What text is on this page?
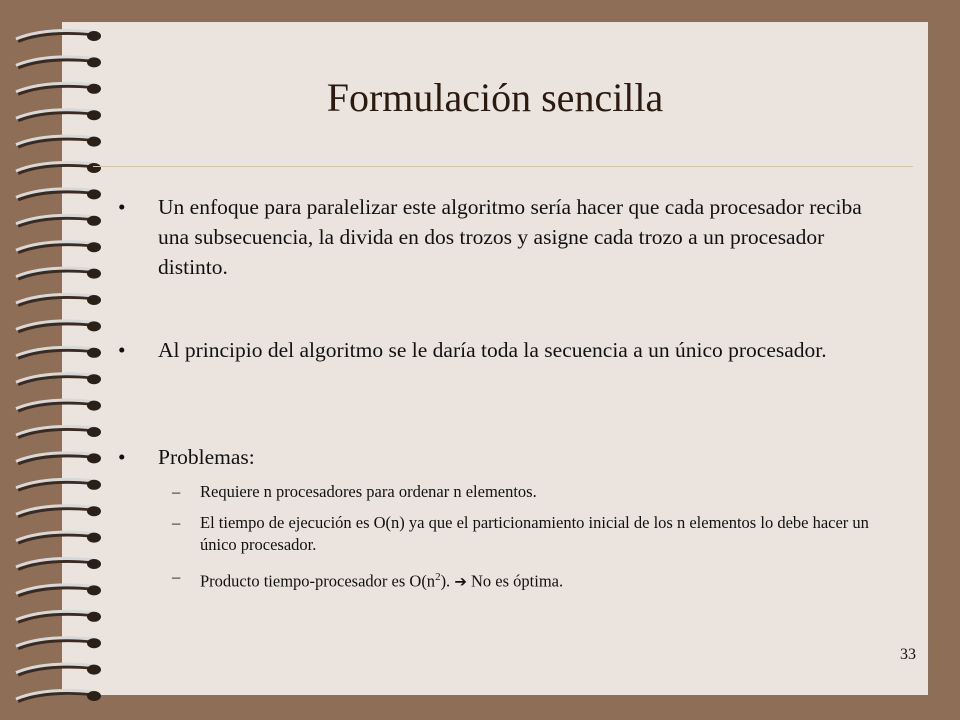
Formulación sencilla
• Un enfoque para paralelizar este algoritmo sería hacer que cada procesador reciba una subsecuencia, la divida en dos trozos y asigne cada trozo a un procesador distinto.
• Al principio del algoritmo se le daría toda la secuencia a un único procesador.
• Problemas:
– Requiere n procesadores para ordenar n elementos.
– El tiempo de ejecución es O(n) ya que el particionamiento inicial de los n elementos lo debe hacer un único procesador.
– Producto tiempo-procesador es $O(n^2)$. ➔ No es óptima.
33
